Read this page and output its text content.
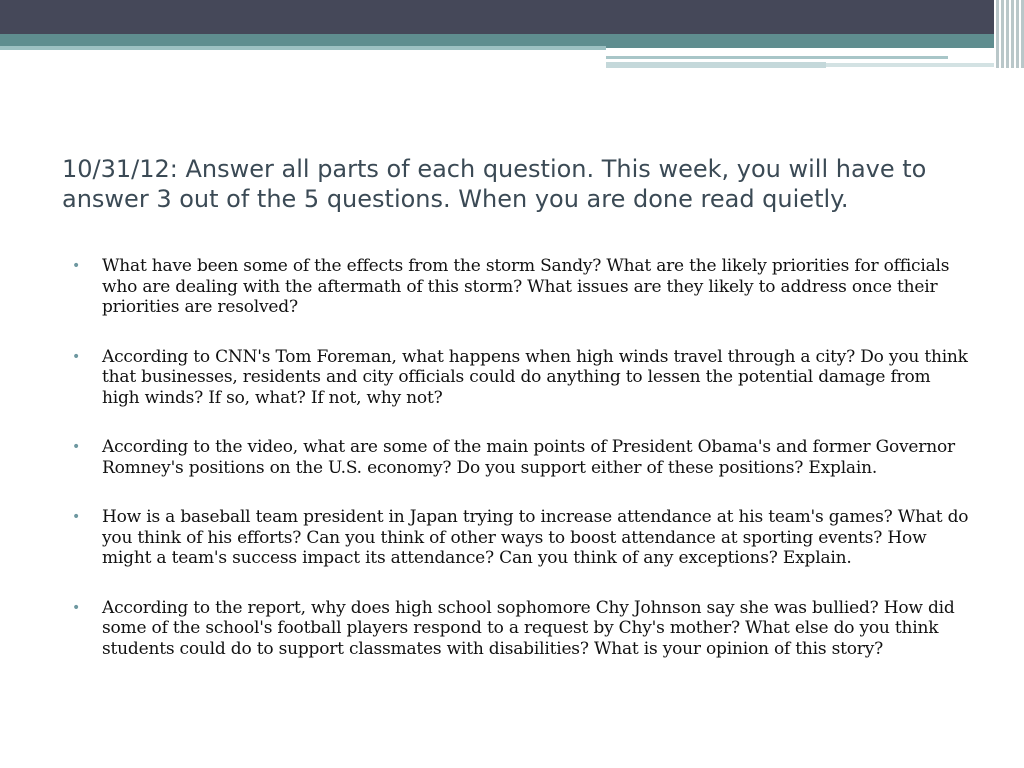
10/31/12: Answer all parts of each question. This week, you will have to answer 3 out of the 5 questions. When you are done read quietly.
• What have been some of the effects from the storm Sandy? What are the likely priorities for officials who are dealing with the aftermath of this storm? What issues are they likely to address once their priorities are resolved?
• According to CNN's Tom Foreman, what happens when high winds travel through a city? Do you think that businesses, residents and city officials could do anything to lessen the potential damage from high winds? If so, what? If not, why not?
• According to the video, what are some of the main points of President Obama's and former Governor Romney's positions on the U.S. economy? Do you support either of these positions? Explain.
• How is a baseball team president in Japan trying to increase attendance at his team's games? What do you think of his efforts? Can you think of other ways to boost attendance at sporting events? How might a team's success impact its attendance? Can you think of any exceptions? Explain.
• According to the report, why does high school sophomore Chy Johnson say she was bullied? How did some of the school's football players respond to a request by Chy's mother? What else do you think students could do to support classmates with disabilities? What is your opinion of this story?
